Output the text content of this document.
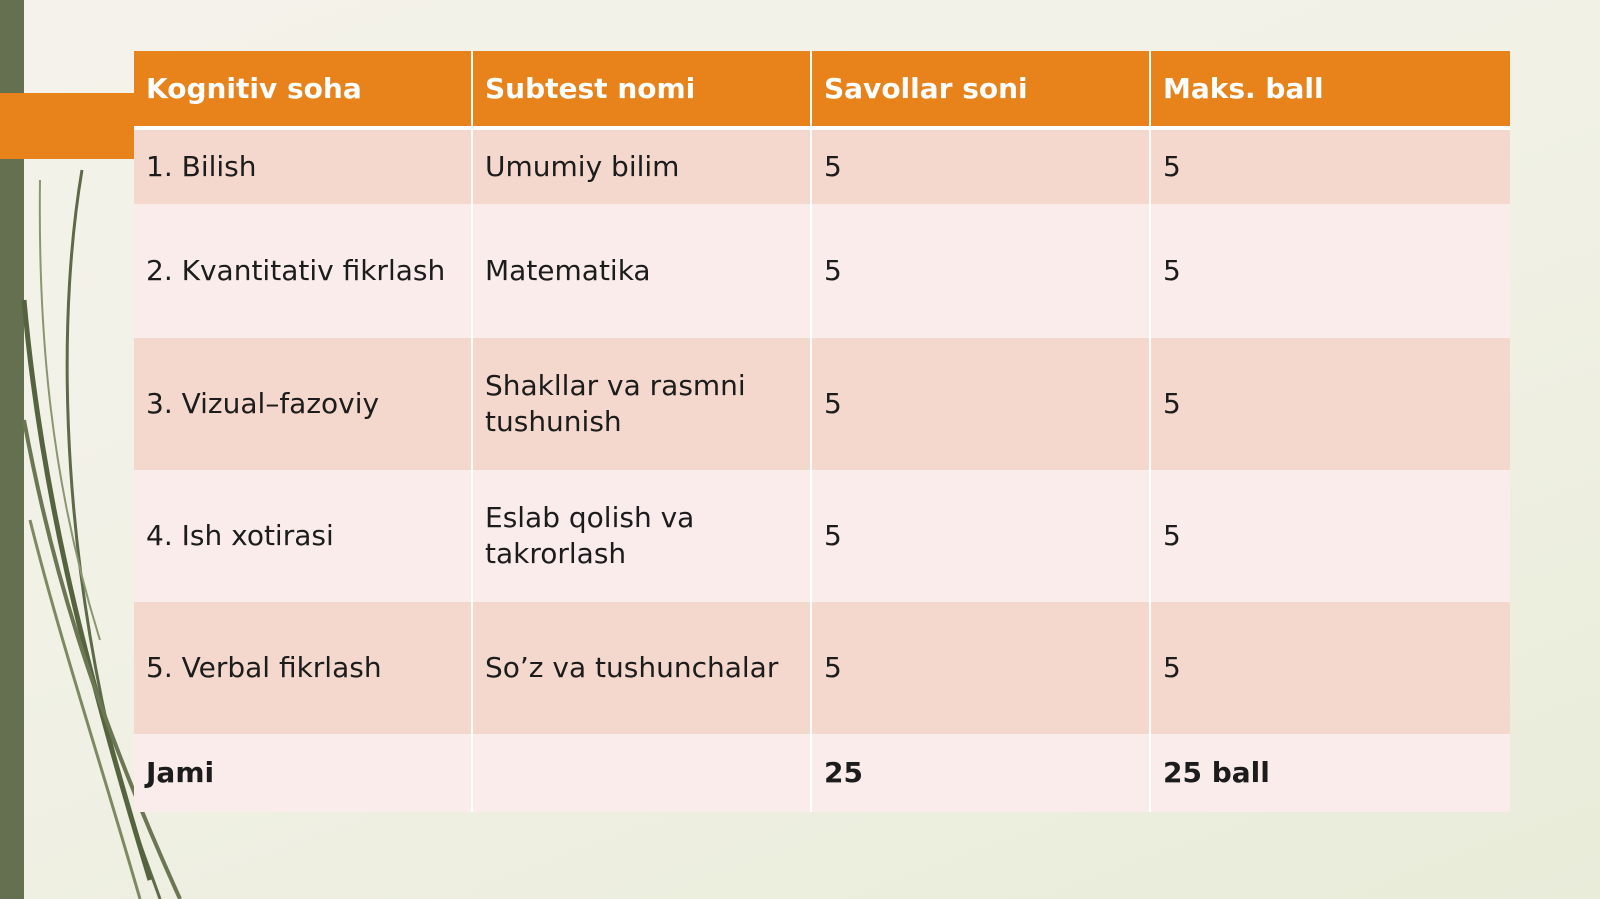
Kognitiv soha	Subtest nomi	Savollar soni	Maks. ball
1. Bilish	Umumiy bilim	5	5
2. Kvantitativ fikrlash	Matematika	5	5
3. Vizual–fazoviy	Shakllar va rasmni tushunish	5	5
4. Ish xotirasi	Eslab qolish va takrorlash	5	5
5. Verbal fikrlash	So’z va tushunchalar	5	5
Jami		25	25 ball
